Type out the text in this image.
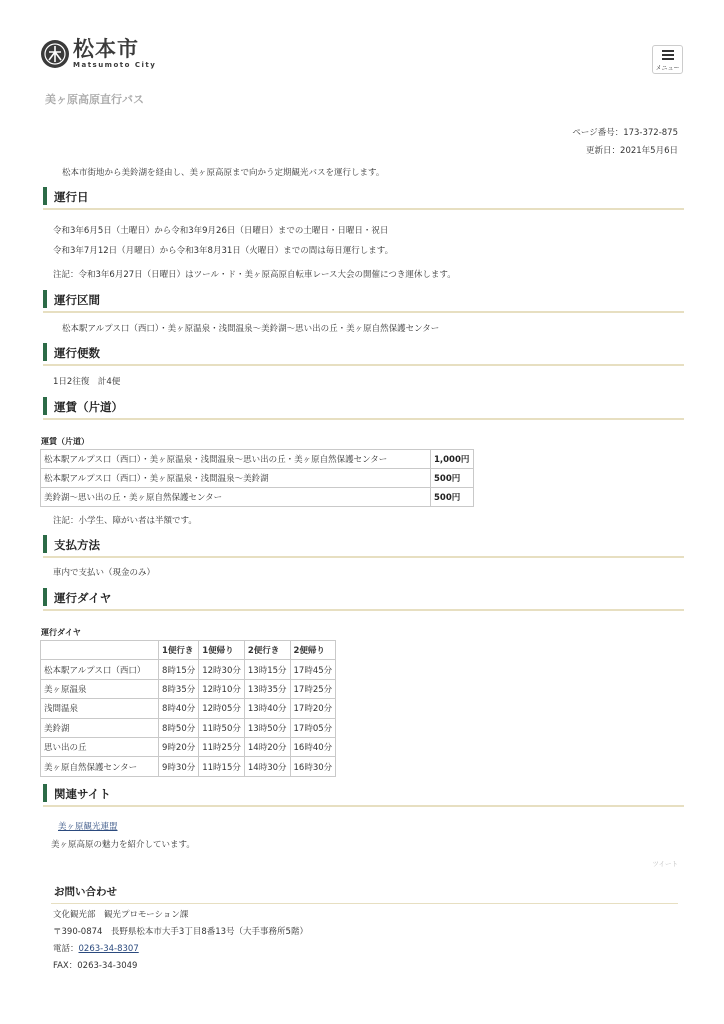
松本市
Matsumoto City	メニュー
美ヶ原高原直行バス
ページ番号：173-372-875
更新日：2021年5月6日
松本市街地から美鈴湖を経由し、美ヶ原高原まで向かう定期観光バスを運行します。
運行日
令和3年6月5日（土曜日）から令和3年9月26日（日曜日）までの土曜日・日曜日・祝日
令和3年7月12日（月曜日）から令和3年8月31日（火曜日）までの間は毎日運行します。
注記：令和3年6月27日（日曜日）はツール・ド・美ヶ原高原自転車レース大会の開催につき運休します。
運行区間
松本駅アルプス口（西口）・美ヶ原温泉・浅間温泉～美鈴湖～思い出の丘・美ヶ原自然保護センター
運行便数
1日2往復　計4便
運賃（片道）
運賃（片道）
松本駅アルプス口（西口）・美ヶ原温泉・浅間温泉～思い出の丘・美ヶ原自然保護センター	1,000円
松本駅アルプス口（西口）・美ヶ原温泉・浅間温泉～美鈴湖	500円
美鈴湖～思い出の丘・美ヶ原自然保護センター	500円
注記：小学生、障がい者は半額です。
支払方法
車内で支払い（現金のみ）
運行ダイヤ
運行ダイヤ
	1便行き	1便帰り	2便行き	2便帰り
松本駅アルプス口（西口）	8時15分	12時30分	13時15分	17時45分
美ヶ原温泉	8時35分	12時10分	13時35分	17時25分
浅間温泉	8時40分	12時05分	13時40分	17時20分
美鈴湖	8時50分	11時50分	13時50分	17時05分
思い出の丘	9時20分	11時25分	14時20分	16時40分
美ヶ原自然保護センター	9時30分	11時15分	14時30分	16時30分
関連サイト
美ヶ原観光連盟
美ヶ原高原の魅力を紹介しています。
ツイート
お問い合わせ
文化観光部　観光プロモーション課
〒390-0874　長野県松本市大手3丁目8番13号（大手事務所5階）
電話：0263-34-8307
FAX：0263-34-3049
